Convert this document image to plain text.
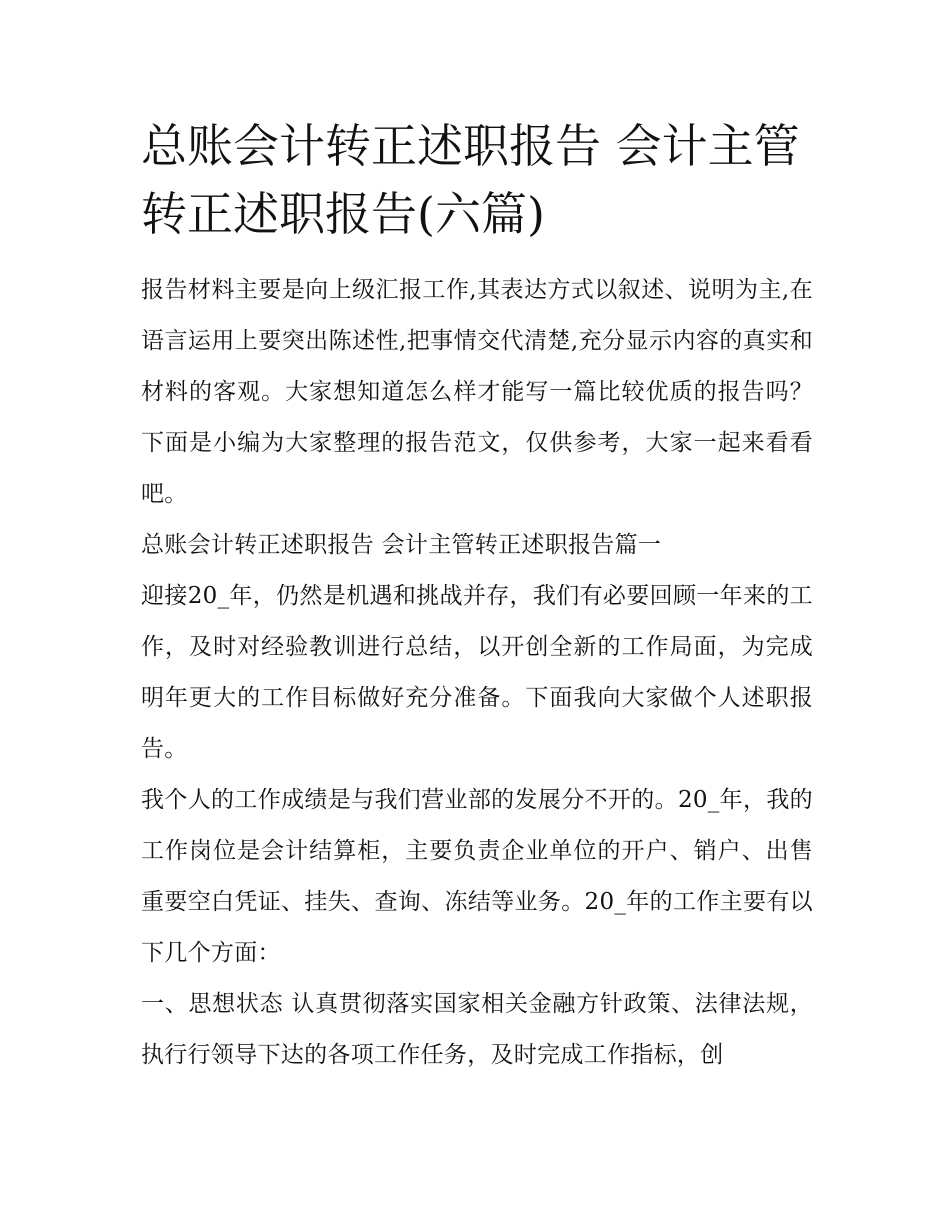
总账会计转正述职报告 会计主管转正述职报告(六篇)

报告材料主要是向上级汇报工作,其表达方式以叙述、说明为主,在语言运用上要突出陈述性,把事情交代清楚,充分显示内容的真实和材料的客观。大家想知道怎么样才能写一篇比较优质的报告吗？下面是小编为大家整理的报告范文，仅供参考，大家一起来看看吧。

总账会计转正述职报告 会计主管转正述职报告篇一

迎接20_年，仍然是机遇和挑战并存，我们有必要回顾一年来的工作，及时对经验教训进行总结，以开创全新的工作局面，为完成明年更大的工作目标做好充分准备。下面我向大家做个人述职报告。

我个人的工作成绩是与我们营业部的发展分不开的。20_年，我的工作岗位是会计结算柜，主要负责企业单位的开户、销户、出售重要空白凭证、挂失、查询、冻结等业务。20_年的工作主要有以下几个方面：

一、思想状态 认真贯彻落实国家相关金融方针政策、法律法规，执行行领导下达的各项工作任务，及时完成工作指标，创
